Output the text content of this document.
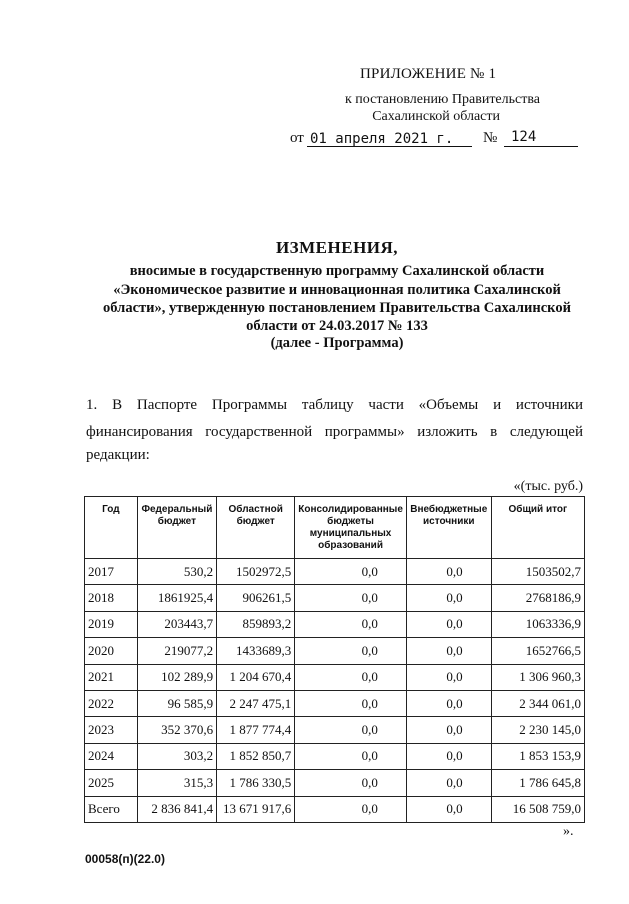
ПРИЛОЖЕНИЕ № 1
к постановлению Правительства
Сахалинской области
от 01 апреля 2021 г. № 124
ИЗМЕНЕНИЯ,
вносимые в государственную программу Сахалинской области
«Экономическое развитие и инновационная политика Сахалинской
области», утвержденную постановлением Правительства Сахалинской
области от 24.03.2017 № 133
(далее - Программа)
1. В Паспорте Программы таблицу части «Объемы и источники
финансирования государственной программы» изложить в следующей
редакции:
«(тыс. руб.)
Год	Федеральный бюджет	Областной бюджет	Консолидированные бюджеты муниципальных образований	Внебюджетные источники	Общий итог
2017	530,2	1502972,5	0,0	0,0	1503502,7
2018	1861925,4	906261,5	0,0	0,0	2768186,9
2019	203443,7	859893,2	0,0	0,0	1063336,9
2020	219077,2	1433689,3	0,0	0,0	1652766,5
2021	102 289,9	1 204 670,4	0,0	0,0	1 306 960,3
2022	96 585,9	2 247 475,1	0,0	0,0	2 344 061,0
2023	352 370,6	1 877 774,4	0,0	0,0	2 230 145,0
2024	303,2	1 852 850,7	0,0	0,0	1 853 153,9
2025	315,3	1 786 330,5	0,0	0,0	1 786 645,8
Всего	2 836 841,4	13 671 917,6	0,0	0,0	16 508 759,0
».
00058(п)(22.0)
